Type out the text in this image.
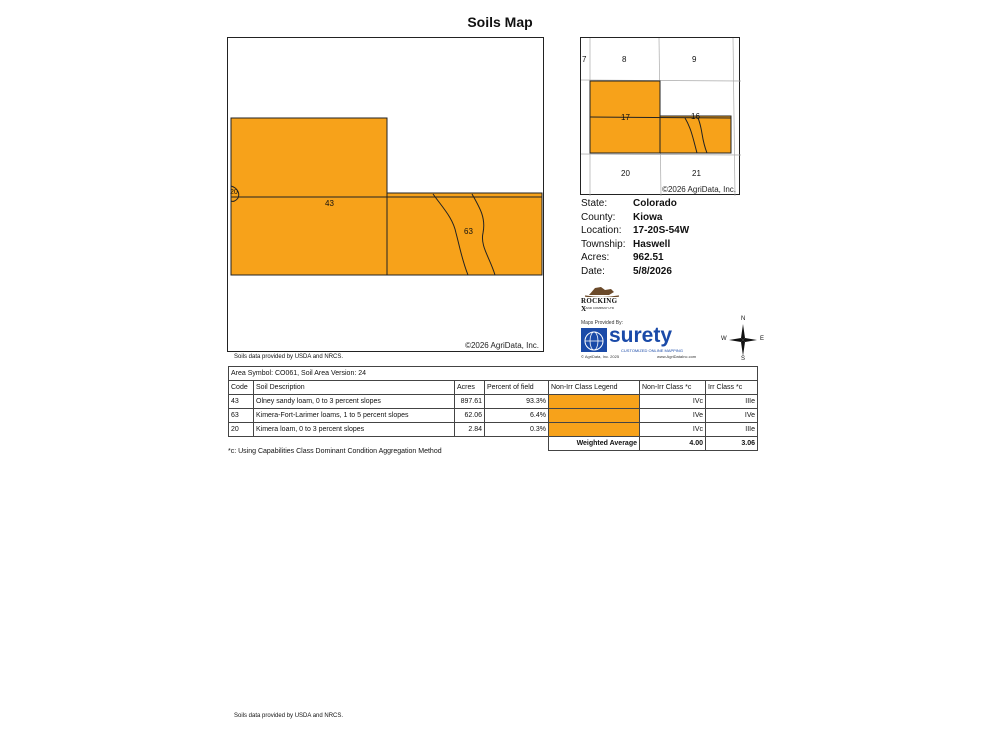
Soils Map
43
63
20
©2026 AgriData, Inc.
Soils data provided by USDA and NRCS.
7	8	9
17	16
20	21
©2026 AgriData, Inc.
State:	Colorado
County:	Kiowa
Location:	17-20S-54W
Township: Haswell
Acres:	962.51
Date:	5/8/2026
ROCKING X
LAND COMPANY LTD
Maps Provided By:
surety
CUSTOMIZED ONLINE MAPPING
© AgriData, Inc. 2025	www.AgriDataInc.com
N
S
E
W
Area Symbol: CO061, Soil Area Version: 24						
Code	Soil Description	Acres	Percent of field	Non-Irr Class Legend	Non-Irr Class *c	Irr Class *c
43	Olney sandy loam, 0 to 3 percent slopes	897.61	93.3%		IVc	IIIe
63	Kimera-Fort-Larimer loams, 1 to 5 percent slopes	62.06	6.4%		IVe	IVe
20	Kimera loam, 0 to 3 percent slopes	2.84	0.3%		IVc	IIIe
				Weighted Average	4.00	3.06
*c: Using Capabilities Class Dominant Condition Aggregation Method
Soils data provided by USDA and NRCS.
